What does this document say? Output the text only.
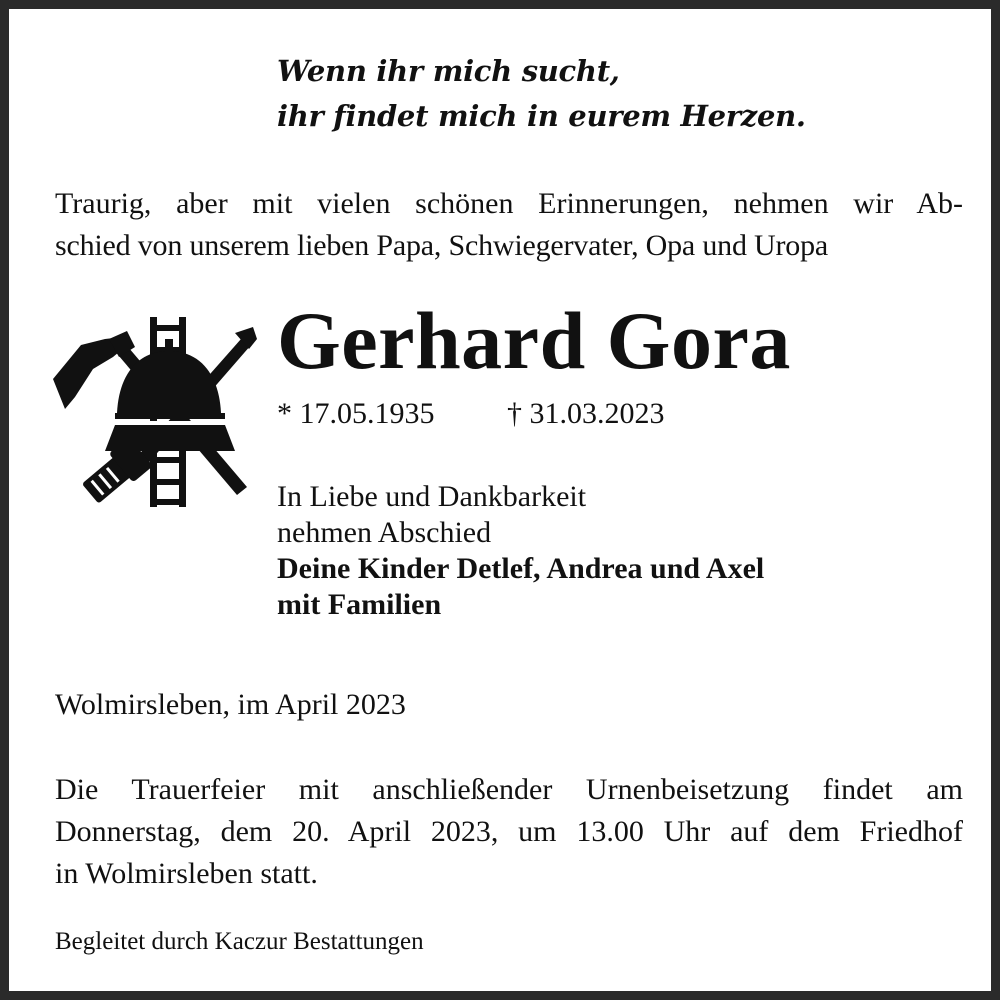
Wenn ihr mich sucht,
ihr findet mich in eurem Herzen.
Traurig, aber mit vielen schönen Erinnerungen, nehmen wir Ab-
schied von unserem lieben Papa, Schwiegervater, Opa und Uropa
Gerhard Gora
* 17.05.1935 † 31.03.2023
In Liebe und Dankbarkeit
nehmen Abschied
Deine Kinder Detlef, Andrea und Axel
mit Familien
Wolmirsleben, im April 2023
Die Trauerfeier mit anschließender Urnenbeisetzung findet am
Donnerstag, dem 20. April 2023, um 13.00 Uhr auf dem Friedhof
in Wolmirsleben statt.
Begleitet durch Kaczur Bestattungen
